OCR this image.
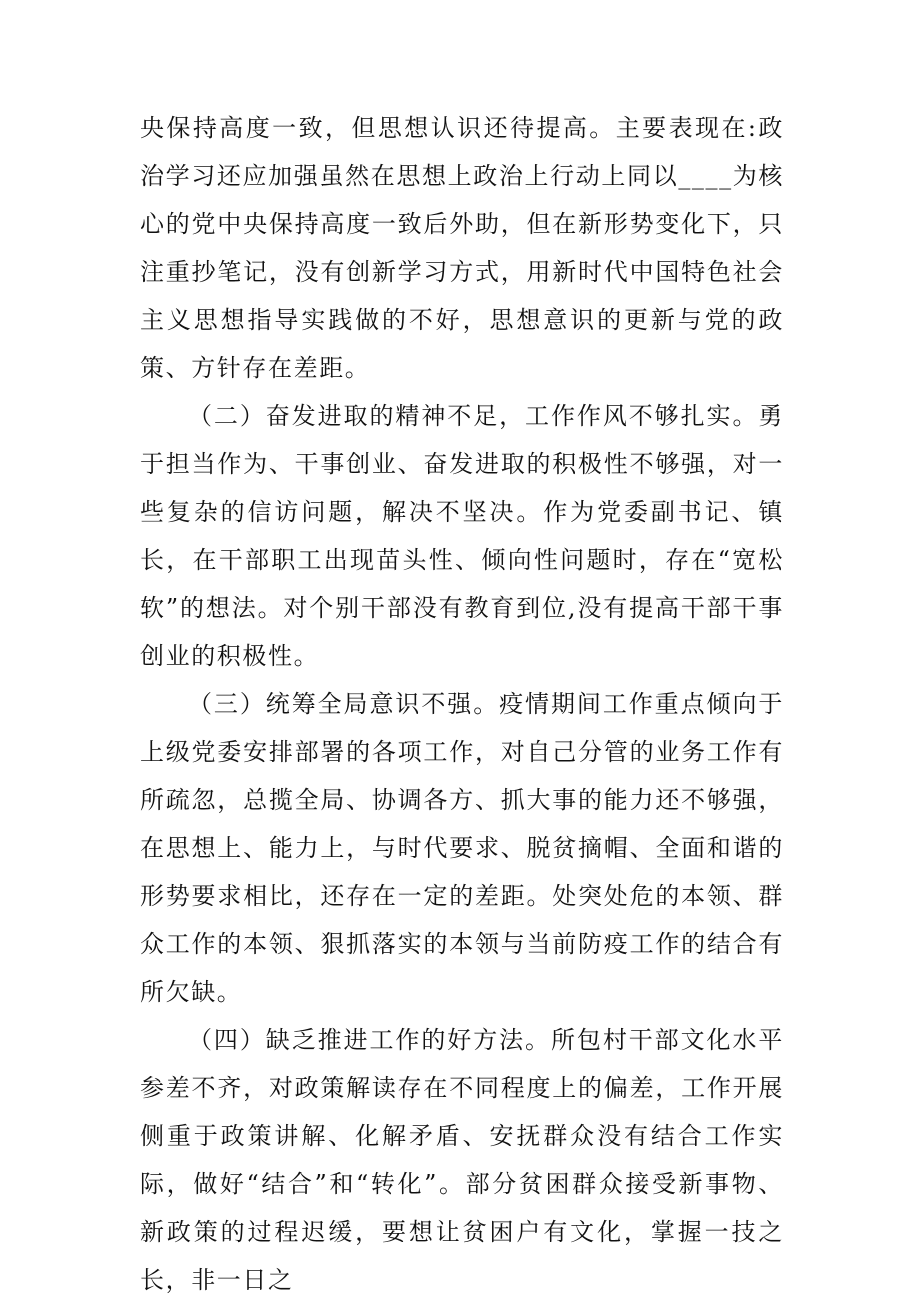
央保持高度一致，但思想认识还待提高。主要表现在:政治学习还应加强虽然在思想上政治上行动上同以____为核心的党中央保持高度一致后外助，但在新形势变化下，只注重抄笔记，没有创新学习方式，用新时代中国特色社会主义思想指导实践做的不好，思想意识的更新与党的政策、方针存在差距。

（二）奋发进取的精神不足，工作作风不够扎实。勇于担当作为、干事创业、奋发进取的积极性不够强，对一些复杂的信访问题，解决不坚决。作为党委副书记、镇长，在干部职工出现苗头性、倾向性问题时，存在“宽松软”的想法。对个别干部没有教育到位,没有提高干部干事创业的积极性。

（三）统筹全局意识不强。疫情期间工作重点倾向于上级党委安排部署的各项工作，对自己分管的业务工作有所疏忽，总揽全局、协调各方、抓大事的能力还不够强，在思想上、能力上，与时代要求、脱贫摘帽、全面和谐的形势要求相比，还存在一定的差距。处突处危的本领、群众工作的本领、狠抓落实的本领与当前防疫工作的结合有所欠缺。

（四）缺乏推进工作的好方法。所包村干部文化水平参差不齐，对政策解读存在不同程度上的偏差，工作开展侧重于政策讲解、化解矛盾、安抚群众没有结合工作实际，做好“结合”和“转化”。部分贫困群众接受新事物、新政策的过程迟缓，要想让贫困户有文化，掌握一技之长，非一日之
